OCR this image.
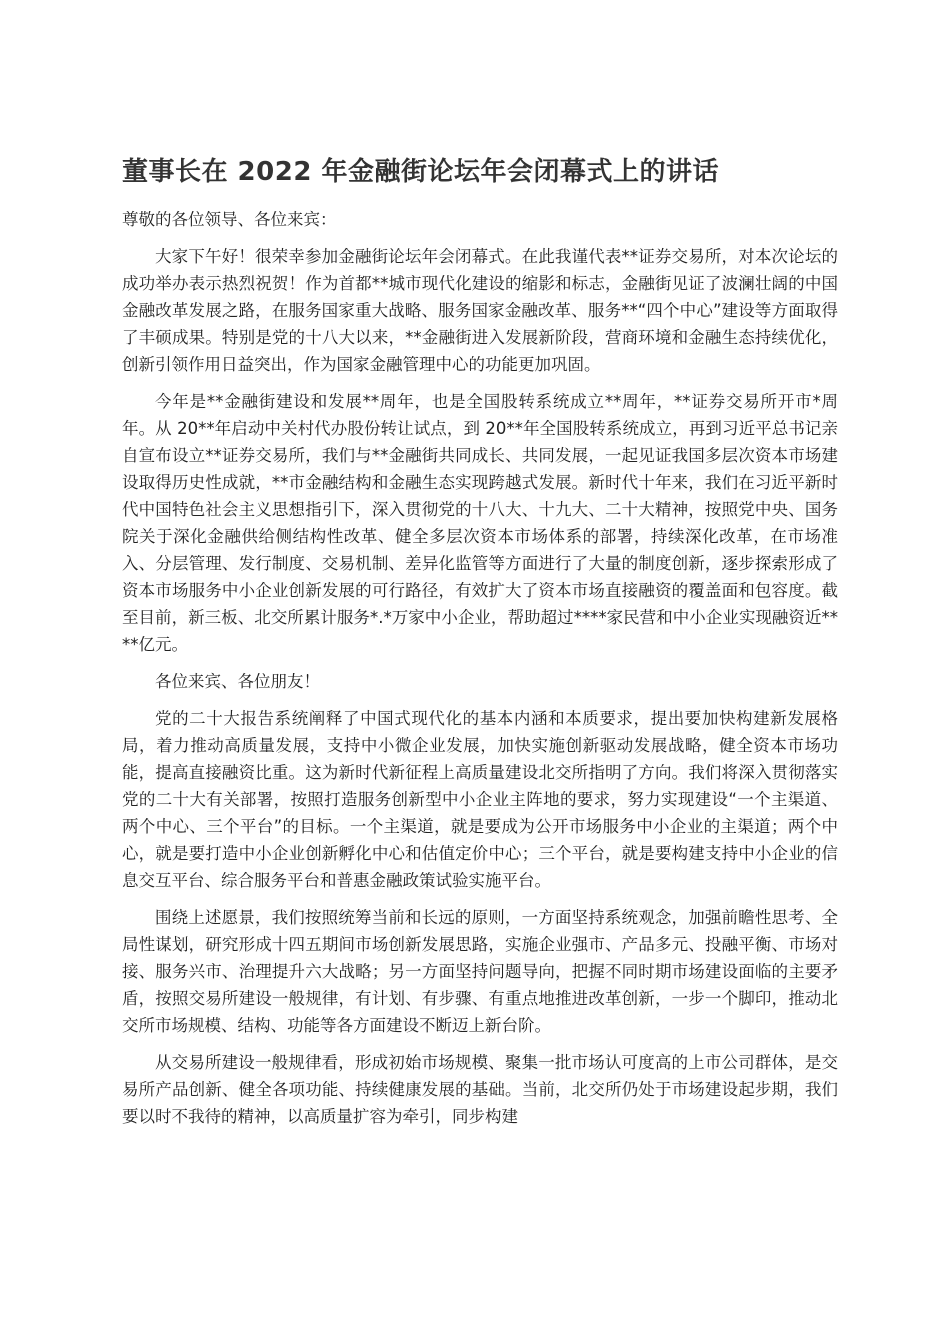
董事长在 2022 年金融街论坛年会闭幕式上的讲话

尊敬的各位领导、各位来宾：

大家下午好！很荣幸参加金融街论坛年会闭幕式。在此我谨代表**证券交易所，对本次论坛的成功举办表示热烈祝贺！作为首都**城市现代化建设的缩影和标志，金融街见证了波澜壮阔的中国金融改革发展之路，在服务国家重大战略、服务国家金融改革、服务**“四个中心”建设等方面取得了丰硕成果。特别是党的十八大以来，**金融街进入发展新阶段，营商环境和金融生态持续优化，创新引领作用日益突出，作为国家金融管理中心的功能更加巩固。

今年是**金融街建设和发展**周年，也是全国股转系统成立**周年，**证券交易所开市*周年。从 20**年启动中关村代办股份转让试点，到 20**年全国股转系统成立，再到习近平总书记亲自宣布设立**证券交易所，我们与**金融街共同成长、共同发展，一起见证我国多层次资本市场建设取得历史性成就，**市金融结构和金融生态实现跨越式发展。新时代十年来，我们在习近平新时代中国特色社会主义思想指引下，深入贯彻党的十八大、十九大、二十大精神，按照党中央、国务院关于深化金融供给侧结构性改革、健全多层次资本市场体系的部署，持续深化改革，在市场准入、分层管理、发行制度、交易机制、差异化监管等方面进行了大量的制度创新，逐步探索形成了资本市场服务中小企业创新发展的可行路径，有效扩大了资本市场直接融资的覆盖面和包容度。截至目前，新三板、北交所累计服务*.*万家中小企业，帮助超过****家民营和中小企业实现融资近****亿元。

各位来宾、各位朋友！

党的二十大报告系统阐释了中国式现代化的基本内涵和本质要求，提出要加快构建新发展格局，着力推动高质量发展，支持中小微企业发展，加快实施创新驱动发展战略，健全资本市场功能，提高直接融资比重。这为新时代新征程上高质量建设北交所指明了方向。我们将深入贯彻落实党的二十大有关部署，按照打造服务创新型中小企业主阵地的要求，努力实现建设“一个主渠道、两个中心、三个平台”的目标。一个主渠道，就是要成为公开市场服务中小企业的主渠道；两个中心，就是要打造中小企业创新孵化中心和估值定价中心；三个平台，就是要构建支持中小企业的信息交互平台、综合服务平台和普惠金融政策试验实施平台。

围绕上述愿景，我们按照统筹当前和长远的原则，一方面坚持系统观念，加强前瞻性思考、全局性谋划，研究形成十四五期间市场创新发展思路，实施企业强市、产品多元、投融平衡、市场对接、服务兴市、治理提升六大战略；另一方面坚持问题导向，把握不同时期市场建设面临的主要矛盾，按照交易所建设一般规律，有计划、有步骤、有重点地推进改革创新，一步一个脚印，推动北交所市场规模、结构、功能等各方面建设不断迈上新台阶。

从交易所建设一般规律看，形成初始市场规模、聚集一批市场认可度高的上市公司群体，是交易所产品创新、健全各项功能、持续健康发展的基础。当前，北交所仍处于市场建设起步期，我们要以时不我待的精神，以高质量扩容为牵引，同步构建
